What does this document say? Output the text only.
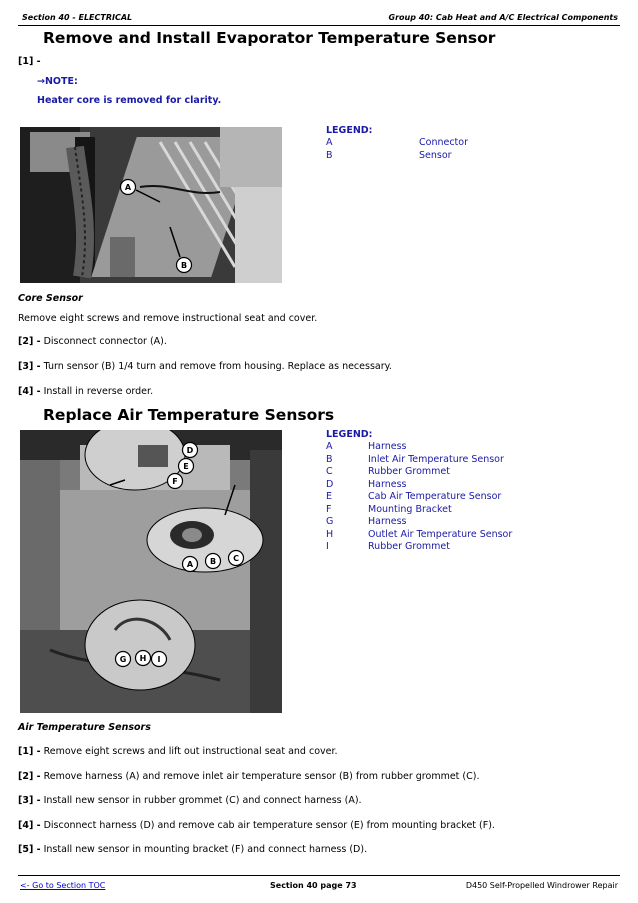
Section 40 - ELECTRICAL	Group 40: Cab Heat and A/C Electrical Components
Remove and Install Evaporator Temperature Sensor
[1] -
→NOTE:
Heater core is removed for clarity.
A
B
LEGEND:
A	Connector
B	Sensor
Core Sensor
Remove eight screws and remove instructional seat and cover.
[2] - Disconnect connector (A).
[3] - Turn sensor (B) 1/4 turn and remove from housing. Replace as necessary.
[4] - Install in reverse order.
Replace Air Temperature Sensors
D
E
F
A B C
G H I
LEGEND:
A	Harness
B	Inlet Air Temperature Sensor
C	Rubber Grommet
D	Harness
E	Cab Air Temperature Sensor
F	Mounting Bracket
G	Harness
H	Outlet Air Temperature Sensor
I	Rubber Grommet
Air Temperature Sensors
[1] - Remove eight screws and lift out instructional seat and cover.
[2] - Remove harness (A) and remove inlet air temperature sensor (B) from rubber grommet (C).
[3] - Install new sensor in rubber grommet (C) and connect harness (A).
[4] - Disconnect harness (D) and remove cab air temperature sensor (E) from mounting bracket (F).
[5] - Install new sensor in mounting bracket (F) and connect harness (D).
<- Go to Section TOC	Section 40 page 73	D450 Self-Propelled Windrower Repair
